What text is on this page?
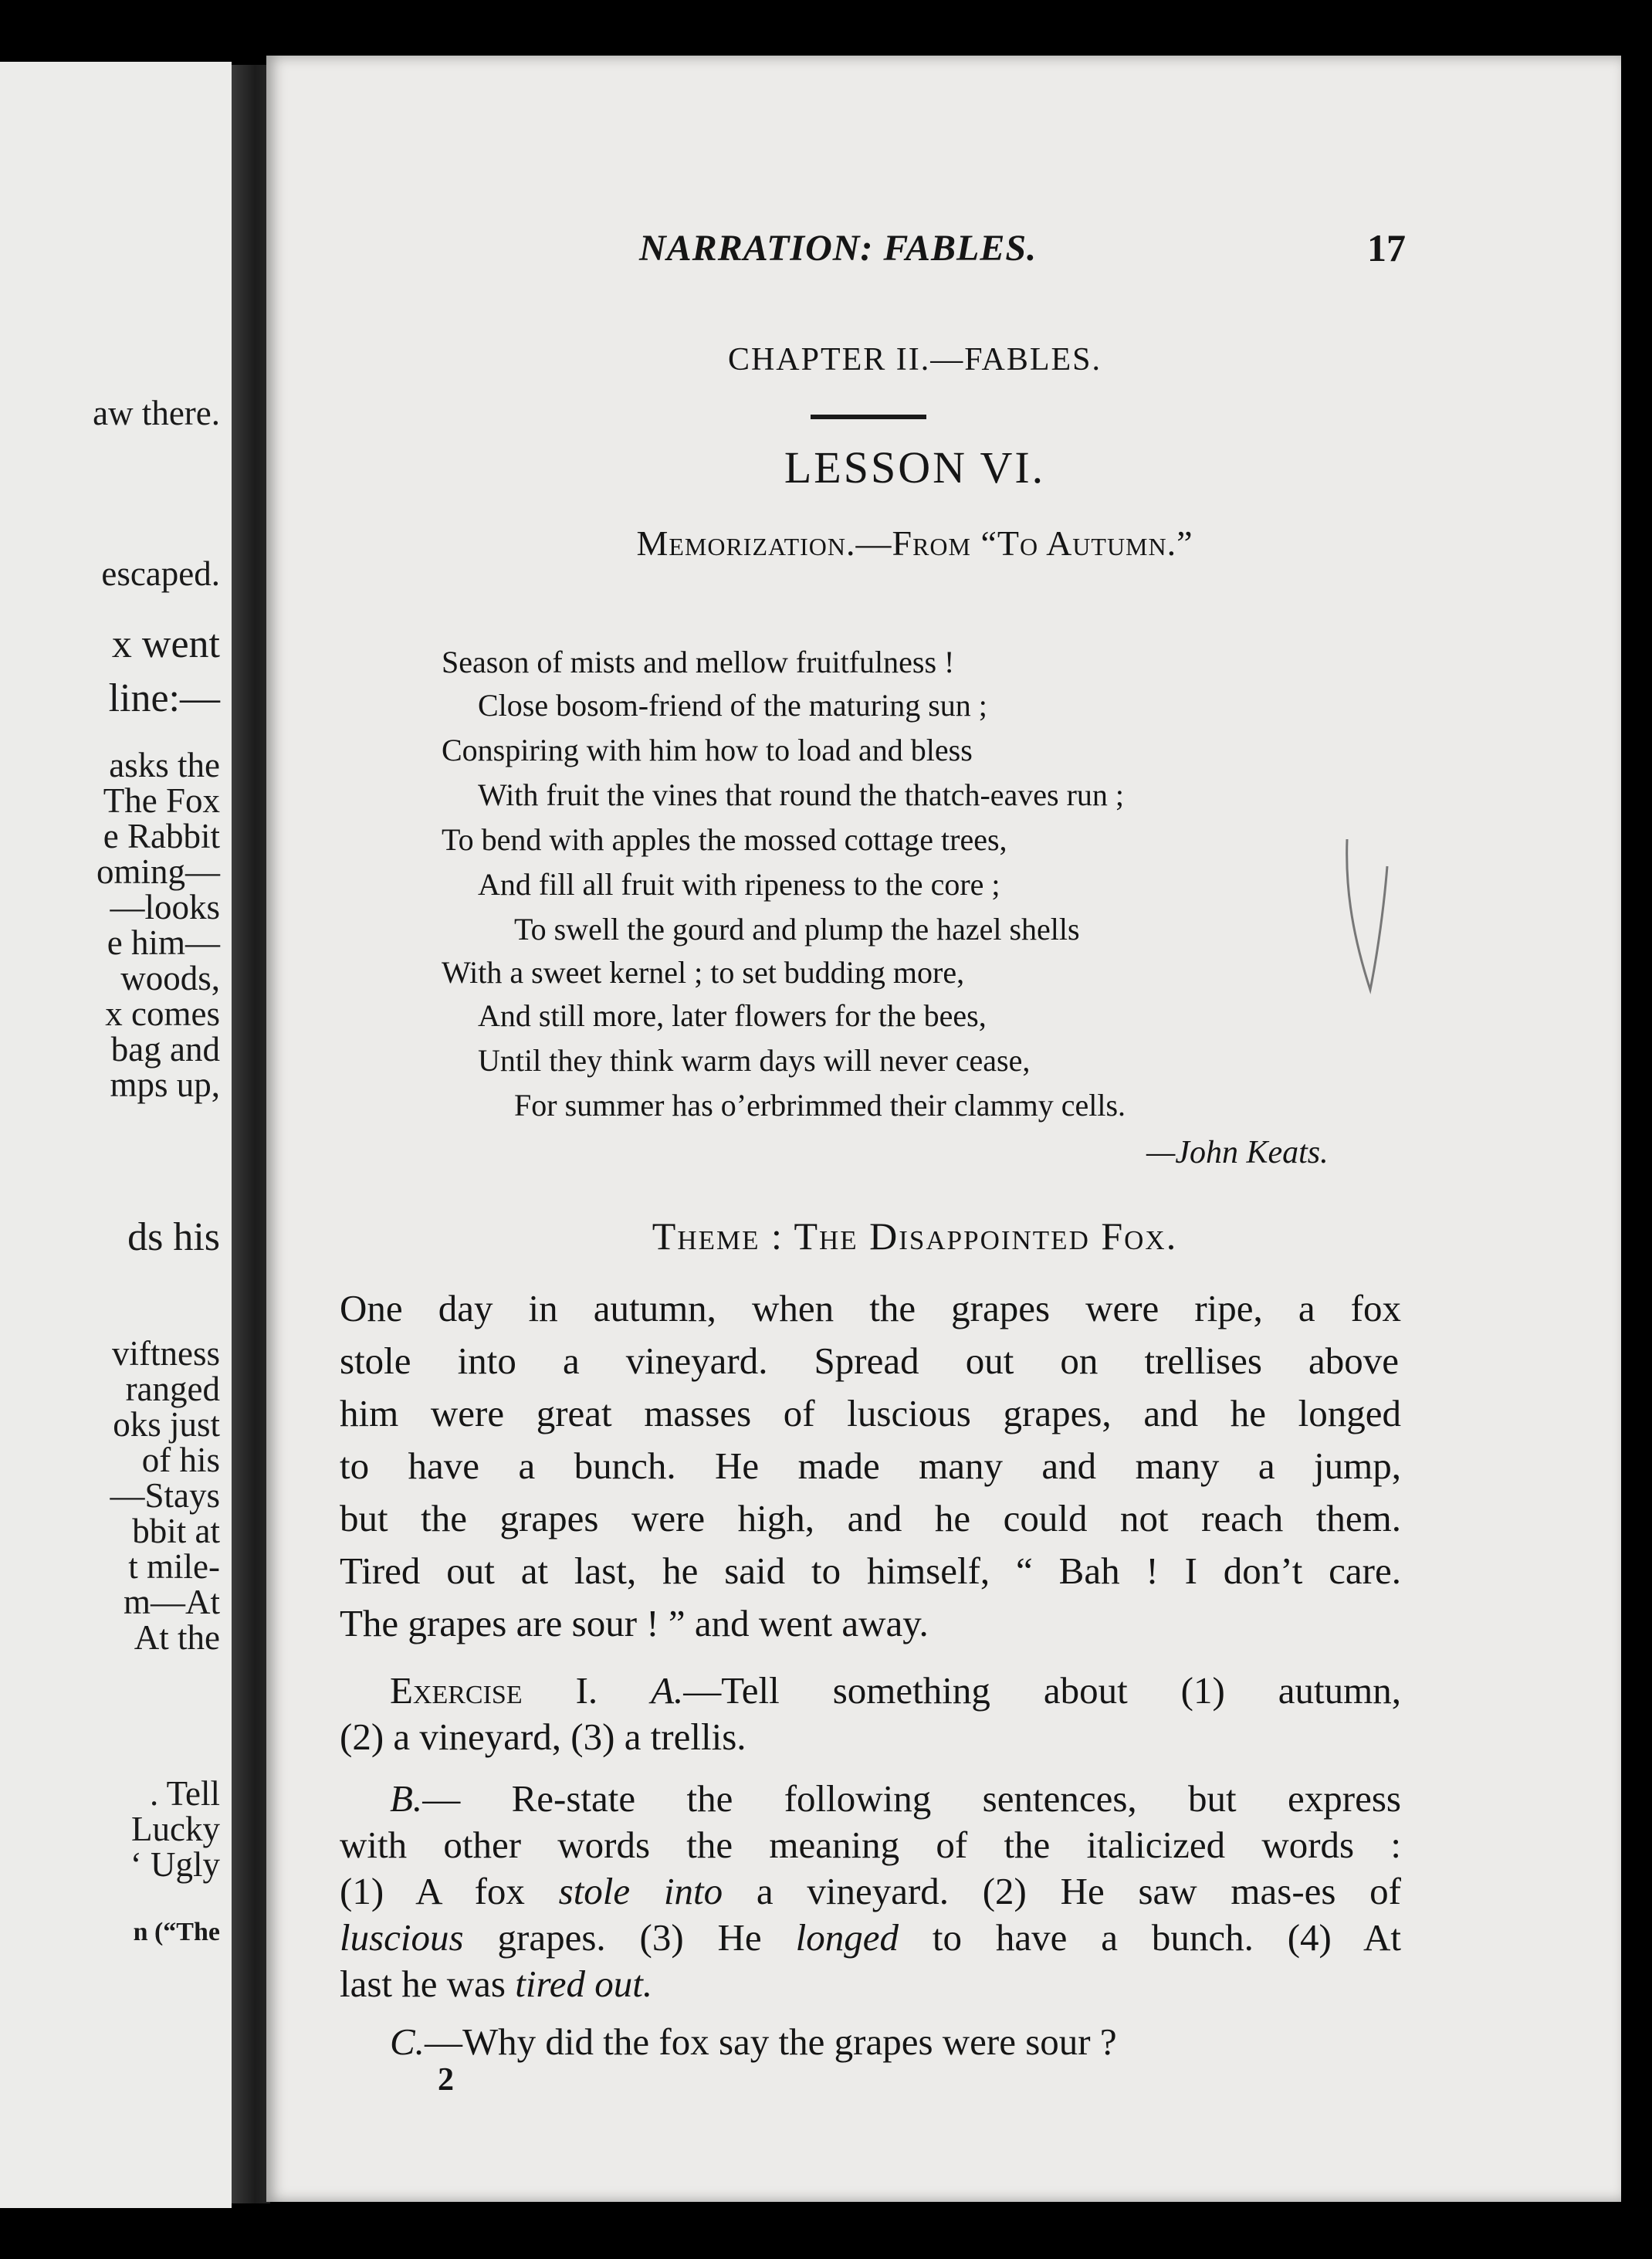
aw there.
escaped.
x went
line:—
asks the
The Fox
e Rabbit
oming—
—looks
e him—
woods,
x comes
bag and
mps up,
ds his
viftness
ranged
oks just
of his
—Stays
bbit at
t mile-
m—At
At the
. Tell
Lucky
‘ Ugly
n (“The
NARRATION: FABLES.	17
CHAPTER II.—FABLES.
LESSON VI.
Memorization.—From “To Autumn.”
Season of mists and mellow fruitfulness !
Close bosom-friend of the maturing sun ;
Conspiring with him how to load and bless
With fruit the vines that round the thatch-eaves run ;
To bend with apples the mossed cottage trees,
And fill all fruit with ripeness to the core ;
To swell the gourd and plump the hazel shells
With a sweet kernel ; to set budding more,
And still more, later flowers for the bees,
Until they think warm days will never cease,
For summer has o’erbrimmed their clammy cells.
—John Keats.
Theme : The Disappointed Fox.
One day in autumn, when the grapes were ripe, a fox
stole into a vineyard. Spread out on trellises above
him were great masses of luscious grapes, and he longed
to have a bunch. He made many and many a jump,
but the grapes were high, and he could not reach them.
Tired out at last, he said to himself, “ Bah ! I don’t care.
The grapes are sour ! ” and went away.
Exercise I. A.—Tell something about (1) autumn,
(2) a vineyard, (3) a trellis.
B.— Re-state the following sentences, but express
with other words the meaning of the italicized words :
(1) A fox stole into a vineyard. (2) He saw mas-es of
luscious grapes. (3) He longed to have a bunch. (4) At
last he was tired out.
C.—Why did the fox say the grapes were sour ?
2
